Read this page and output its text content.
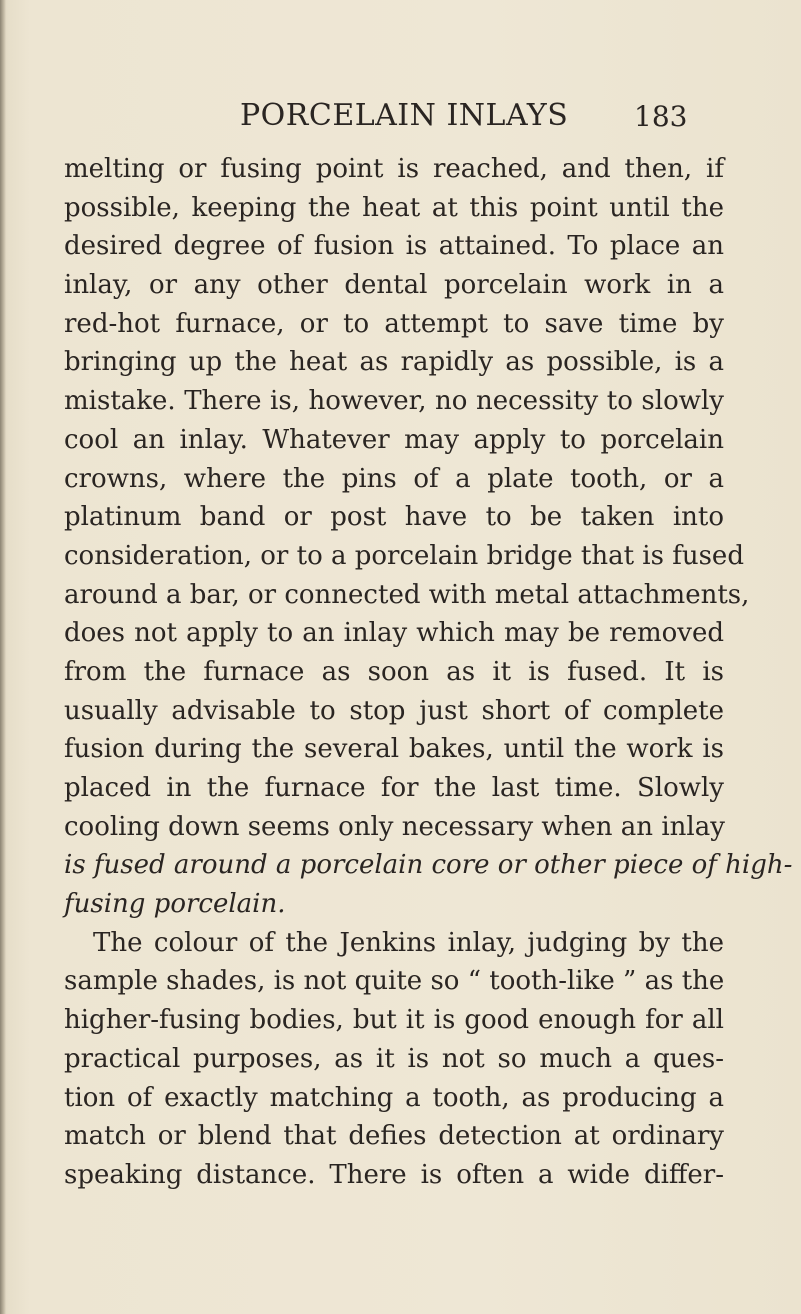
PORCELAIN INLAYS 183
melting or fusing point is reached, and then, if
possible, keeping the heat at this point until the
desired degree of fusion is attained. To place an
inlay, or any other dental porcelain work in a
red-hot furnace, or to attempt to save time by
bringing up the heat as rapidly as possible, is a
mistake. There is, however, no necessity to slowly
cool an inlay. Whatever may apply to porcelain
crowns, where the pins of a plate tooth, or a
platinum band or post have to be taken into
consideration, or to a porcelain bridge that is fused
around a bar, or connected with metal attachments,
does not apply to an inlay which may be removed
from the furnace as soon as it is fused. It is
usually advisable to stop just short of complete
fusion during the several bakes, until the work is
placed in the furnace for the last time. Slowly
cooling down seems only necessary when an inlay
is fused around a porcelain core or other piece of high-
fusing porcelain.
The colour of the Jenkins inlay, judging by the
sample shades, is not quite so “ tooth-like ” as the
higher-fusing bodies, but it is good enough for all
practical purposes, as it is not so much a ques-
tion of exactly matching a tooth, as producing a
match or blend that defies detection at ordinary
speaking distance. There is often a wide differ-
